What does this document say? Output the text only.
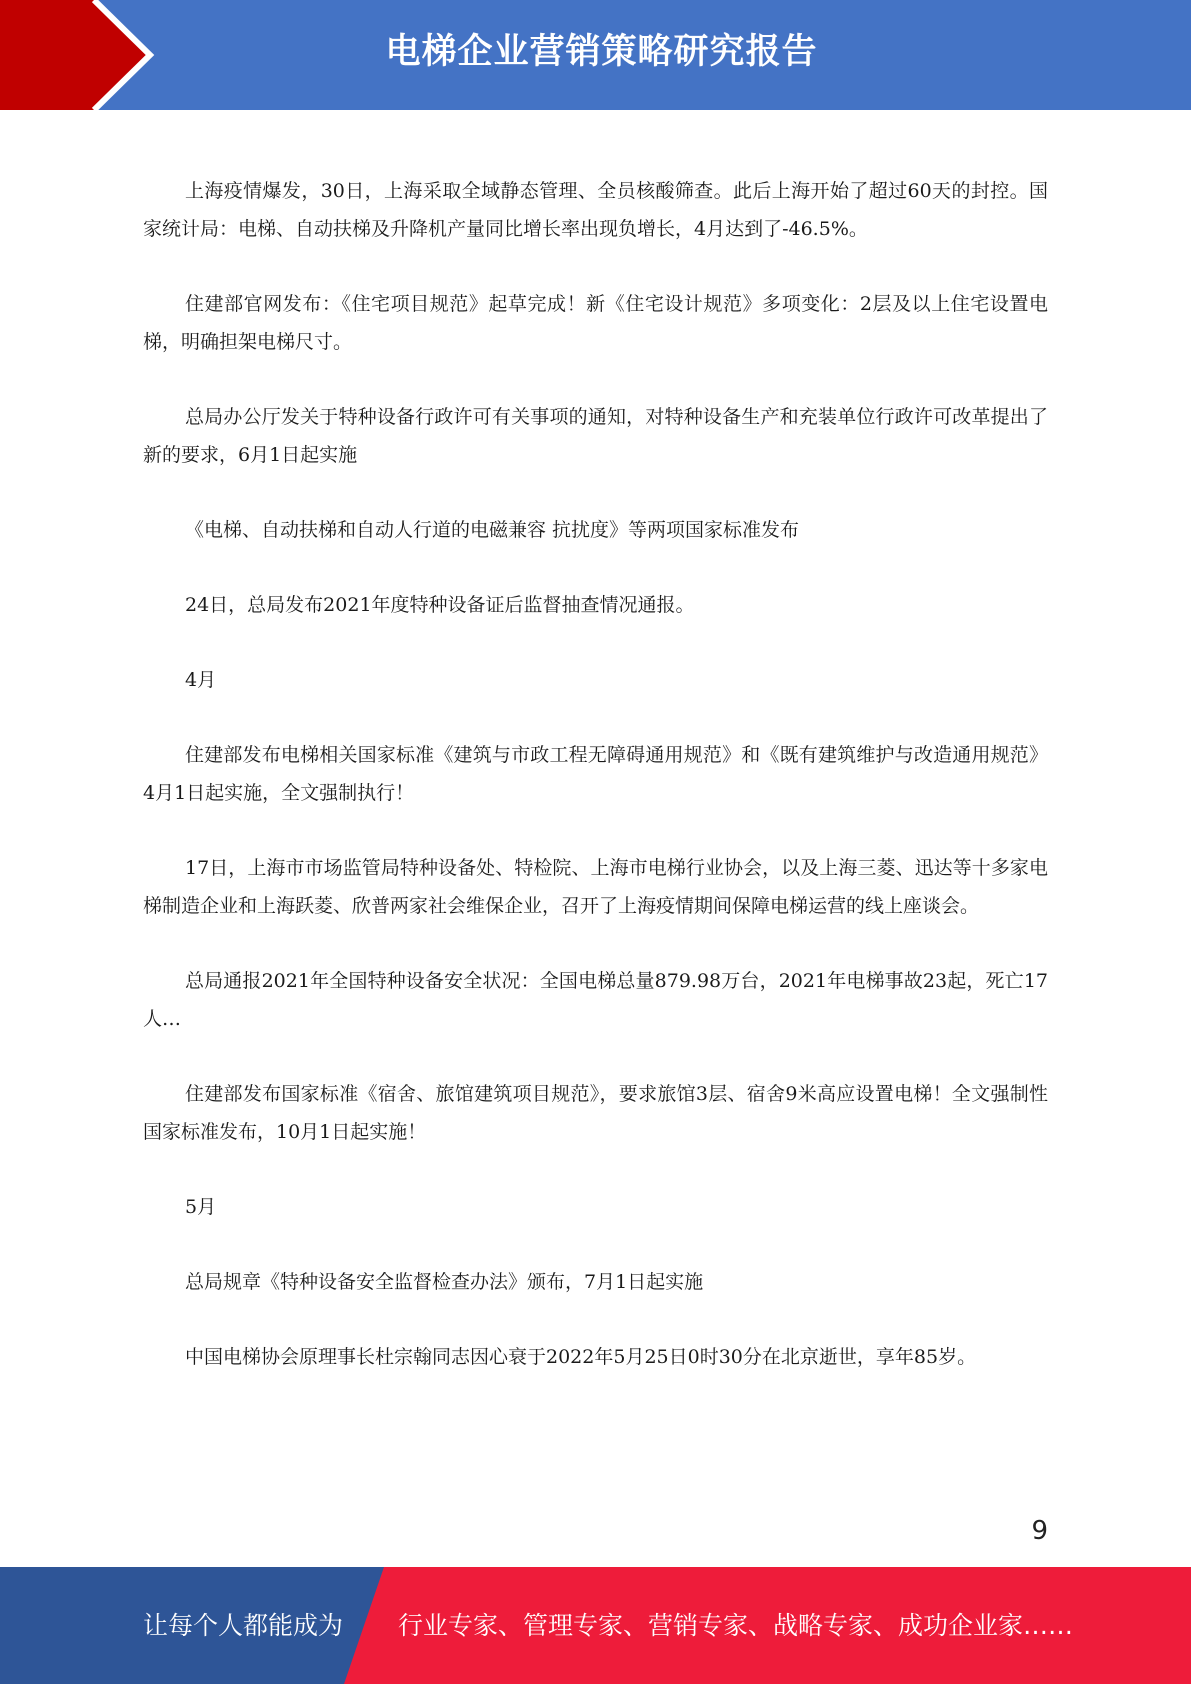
电梯企业营销策略研究报告

上海疫情爆发，30日，上海采取全域静态管理、全员核酸筛查。此后上海开始了超过60天的封控。国家统计局：电梯、自动扶梯及升降机产量同比增长率出现负增长，4月达到了-46.5%。

住建部官网发布：《住宅项目规范》起草完成！新《住宅设计规范》多项变化：2层及以上住宅设置电梯，明确担架电梯尺寸。

总局办公厅发关于特种设备行政许可有关事项的通知，对特种设备生产和充装单位行政许可改革提出了新的要求，6月1日起实施

《电梯、自动扶梯和自动人行道的电磁兼容 抗扰度》等两项国家标准发布

24日，总局发布2021年度特种设备证后监督抽查情况通报。

4月

住建部发布电梯相关国家标准《建筑与市政工程无障碍通用规范》和《既有建筑维护与改造通用规范》4月1日起实施，全文强制执行！

17日，上海市市场监管局特种设备处、特检院、上海市电梯行业协会，以及上海三菱、迅达等十多家电梯制造企业和上海跃菱、欣普两家社会维保企业，召开了上海疫情期间保障电梯运营的线上座谈会。

总局通报2021年全国特种设备安全状况：全国电梯总量879.98万台，2021年电梯事故23起，死亡17人…

住建部发布国家标准《宿舍、旅馆建筑项目规范》，要求旅馆3层、宿舍9米高应设置电梯！全文强制性国家标准发布，10月1日起实施！

5月

总局规章《特种设备安全监督检查办法》颁布，7月1日起实施

中国电梯协会原理事长杜宗翰同志因心衰于2022年5月25日0时30分在北京逝世，享年85岁。

9
让每个人都能成为 行业专家、管理专家、营销专家、战略专家、成功企业家……
